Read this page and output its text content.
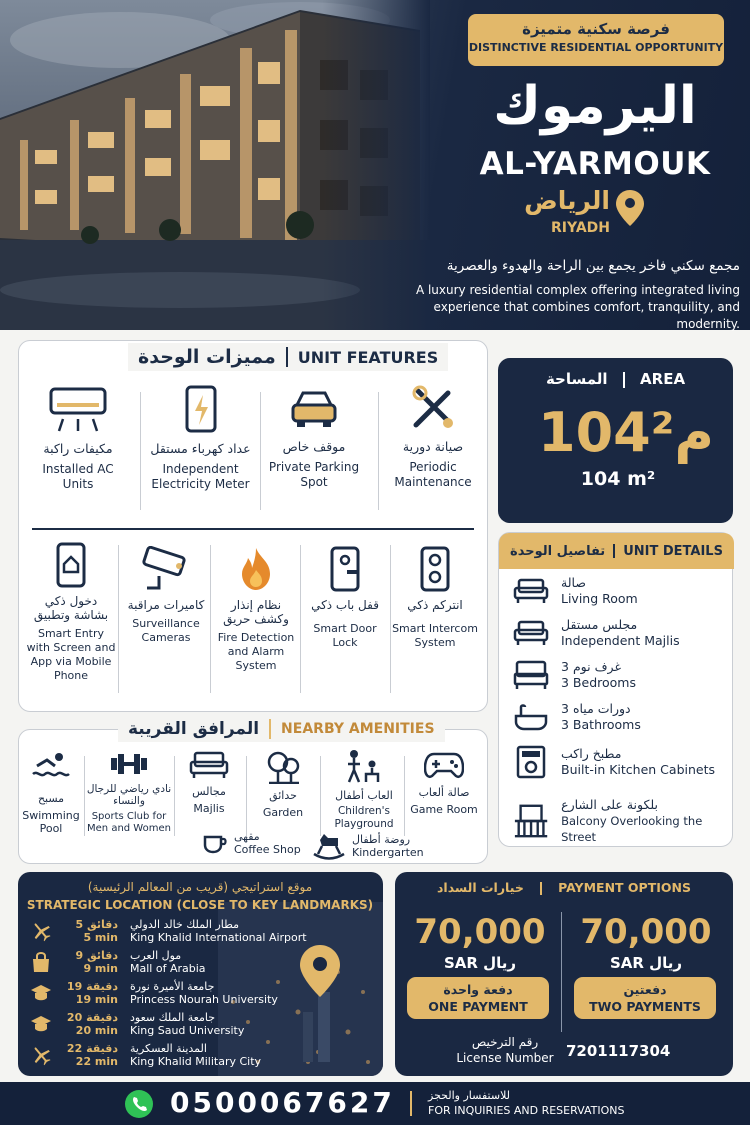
فرصة سكنية متميزة
DISTINCTIVE RESIDENTIAL OPPORTUNITY
اليرموك
AL-YARMOUK
الرياض
RIYADH
مجمع سكني فاخر يجمع بين الراحة والهدوء والعصرية
A luxury residential complex offering integrated living experience that combines comfort, tranquility, and modernity.
مميزات الوحدة UNIT FEATURES
مكيفات راكبة
Installed AC Units
عداد كهرباء مستقل
Independent Electricity Meter
موقف خاص
Private Parking Spot
صيانة دورية
Periodic Maintenance
دخول ذكي بشاشة وتطبيق
Smart Entry with Screen and App via Mobile Phone
كاميرات مراقبة
Surveillance Cameras
نظام إنذار وكشف حريق
Fire Detection and Alarm System
قفل باب ذكي
Smart Door Lock
انتركم ذكي
Smart Intercom System
المساحة AREA
104م²
104 m²
تفاصيل الوحدة UNIT DETAILS
صالة
Living Room
مجلس مستقل
Independent Majlis
3 غرف نوم
3 Bedrooms
3 دورات مياه
3 Bathrooms
مطبخ راكب
Built-in Kitchen Cabinets
بلكونة على الشارع
Balcony Overlooking the Street
المرافق القريبة NEARBY AMENITIES
مسبح
Swimming Pool
نادي رياضي للرجال والنساء
Sports Club for Men and Women
مجالس
Majlis
حدائق
Garden
العاب أطفال
Children's Playground
صالة ألعاب
Game Room
مقهى
Coffee Shop
روضة أطفال
Kindergarten
موقع استراتيجي (قريب من المعالم الرئيسية)
STRATEGIC LOCATION (CLOSE TO KEY LANDMARKS)
5 دقائق
5 min
مطار الملك خالد الدولي
King Khalid International Airport
9 دقائق
9 min
مول العرب
Mall of Arabia
19 دقيقة
19 min
جامعة الأميرة نورة
Princess Nourah University
20 دقيقة
20 min
جامعة الملك سعود
King Saud University
22 دقيقة
22 min
المدينة العسكرية
King Khalid Military City
خيارات السداد	PAYMENT OPTIONS
70,000
SAR ريال
دفعتين
TWO PAYMENTS
70,000
SAR ريال
دفعة واحدة
ONE PAYMENT
رقم الترخيص
License Number 7201117304
0500067627	للاستفسار والحجز
FOR INQUIRIES AND RESERVATIONS
